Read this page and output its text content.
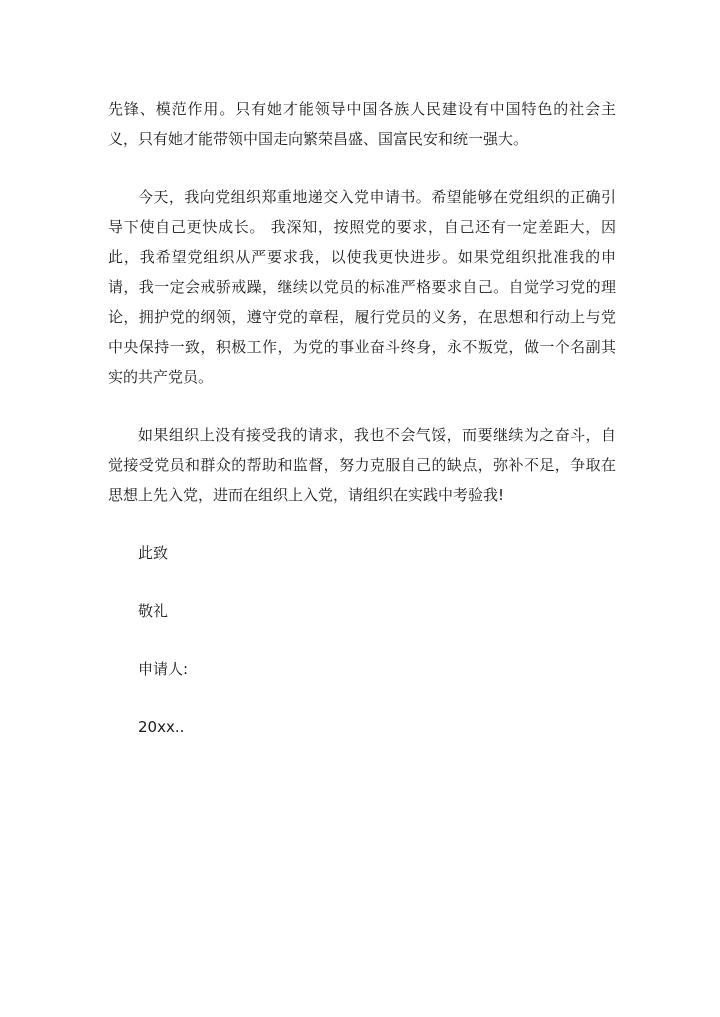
先锋、模范作用。只有她才能领导中国各族人民建设有中国特色的社会主义，只有她才能带领中国走向繁荣昌盛、国富民安和统一强大。

今天，我向党组织郑重地递交入党申请书。希望能够在党组织的正确引导下使自己更快成长。 我深知，按照党的要求，自己还有一定差距大，因此，我希望党组织从严要求我，以使我更快进步。如果党组织批准我的申请，我一定会戒骄戒躁，继续以党员的标准严格要求自己。自觉学习党的理论，拥护党的纲领，遵守党的章程，履行党员的义务，在思想和行动上与党中央保持一致，积极工作，为党的事业奋斗终身，永不叛党，做一个名副其实的共产党员。

如果组织上没有接受我的请求，我也不会气馁，而要继续为之奋斗，自觉接受党员和群众的帮助和监督，努力克服自己的缺点，弥补不足，争取在思想上先入党，进而在组织上入党，请组织在实践中考验我!

此致

敬礼

申请人:

20xx..
